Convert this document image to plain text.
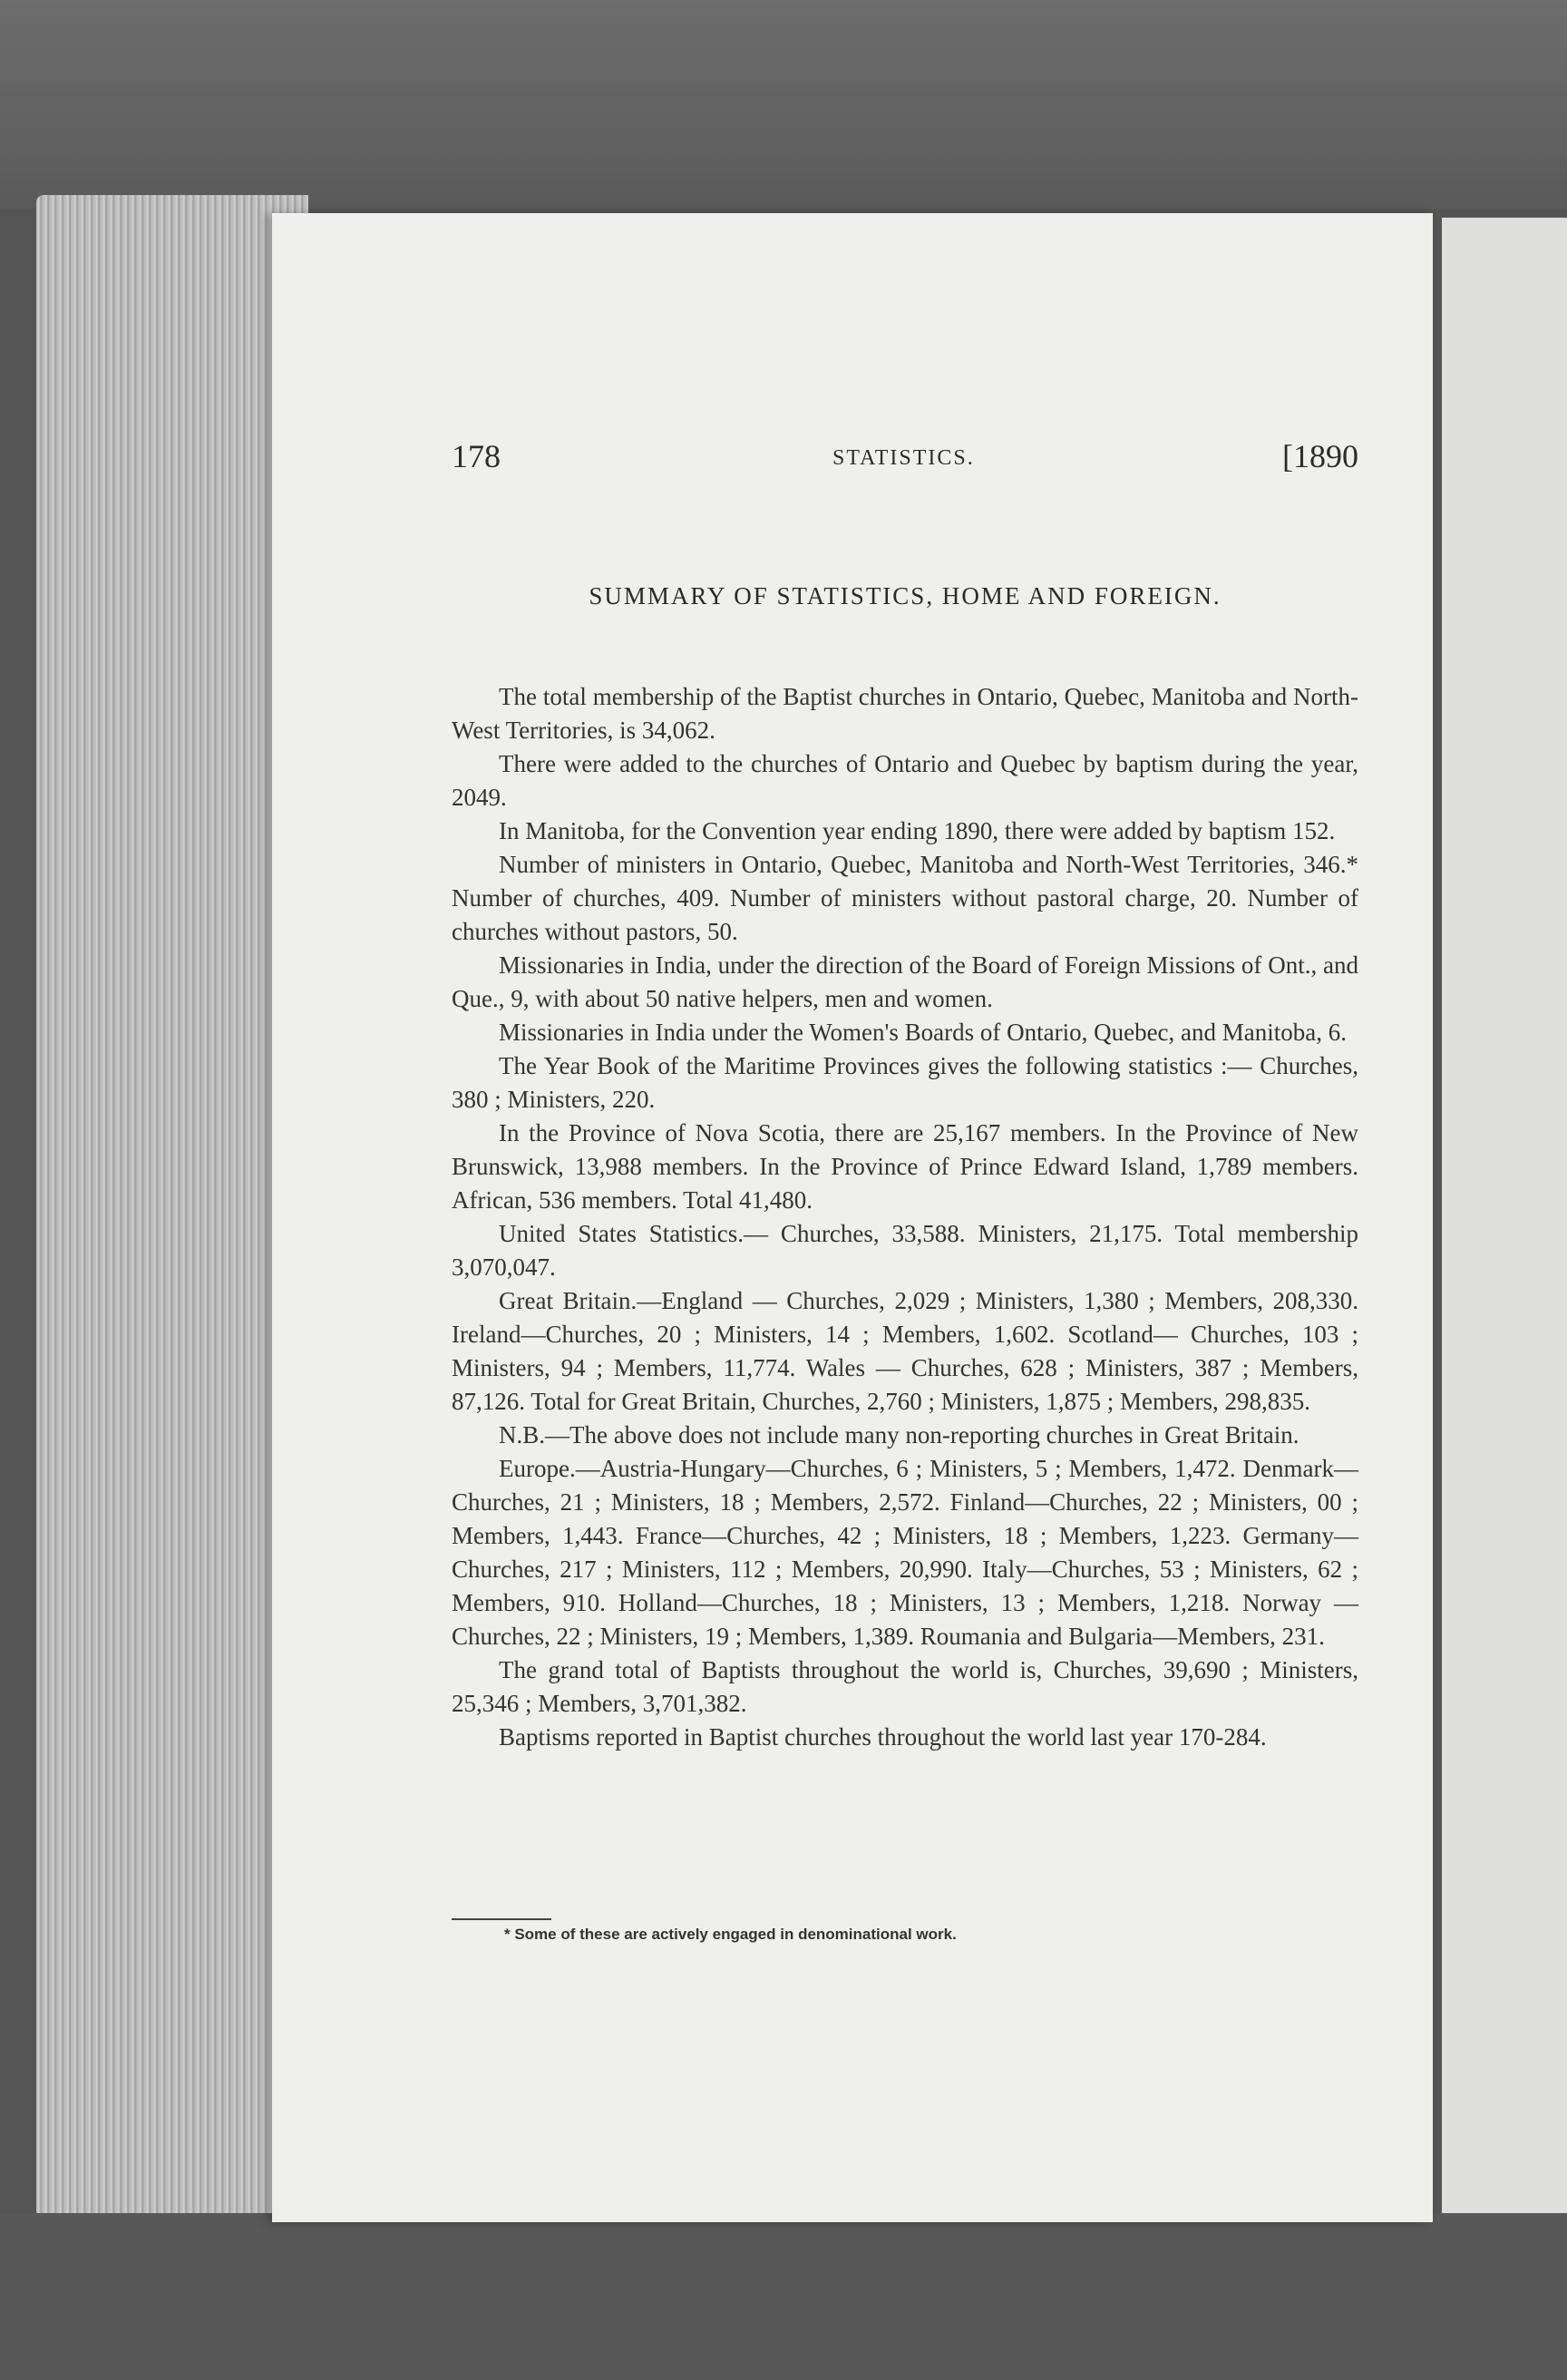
178	STATISTICS.	[1890
SUMMARY OF STATISTICS, HOME AND FOREIGN.

The total membership of the Baptist churches in Ontario, Quebec, Manitoba and North-West Territories, is 34,062.

There were added to the churches of Ontario and Quebec by baptism during the year, 2049.

In Manitoba, for the Convention year ending 1890, there were added by baptism 152.

Number of ministers in Ontario, Quebec, Manitoba and North-West Territories, 346.* Number of churches, 409. Number of ministers without pastoral charge, 20. Number of churches without pastors, 50.

Missionaries in India, under the direction of the Board of Foreign Missions of Ont., and Que., 9, with about 50 native helpers, men and women.

Missionaries in India under the Women's Boards of Ontario, Quebec, and Manitoba, 6.

The Year Book of the Maritime Provinces gives the following statistics :— Churches, 380 ; Ministers, 220.

In the Province of Nova Scotia, there are 25,167 members. In the Province of New Brunswick, 13,988 members. In the Province of Prince Edward Island, 1,789 members. African, 536 members. Total 41,480.

United States Statistics.— Churches, 33,588. Ministers, 21,175. Total membership 3,070,047.

Great Britain.—England — Churches, 2,029 ; Ministers, 1,380 ; Members, 208,330. Ireland—Churches, 20 ; Ministers, 14 ; Members, 1,602. Scotland— Churches, 103 ; Ministers, 94 ; Members, 11,774. Wales — Churches, 628 ; Ministers, 387 ; Members, 87,126. Total for Great Britain, Churches, 2,760 ; Ministers, 1,875 ; Members, 298,835.

N.B.—The above does not include many non-reporting churches in Great Britain.

Europe.—Austria-Hungary—Churches, 6 ; Ministers, 5 ; Members, 1,472. Denmark—Churches, 21 ; Ministers, 18 ; Members, 2,572. Finland—Churches, 22 ; Ministers, 00 ; Members, 1,443. France—Churches, 42 ; Ministers, 18 ; Members, 1,223. Germany—Churches, 217 ; Ministers, 112 ; Members, 20,990. Italy—Churches, 53 ; Ministers, 62 ; Members, 910. Holland—Churches, 18 ; Ministers, 13 ; Members, 1,218. Norway — Churches, 22 ; Ministers, 19 ; Members, 1,389. Roumania and Bulgaria—Members, 231.

The grand total of Baptists throughout the world is, Churches, 39,690 ; Ministers, 25,346 ; Members, 3,701,382.

Baptisms reported in Baptist churches throughout the world last year 170-284.

* Some of these are actively engaged in denominational work.
